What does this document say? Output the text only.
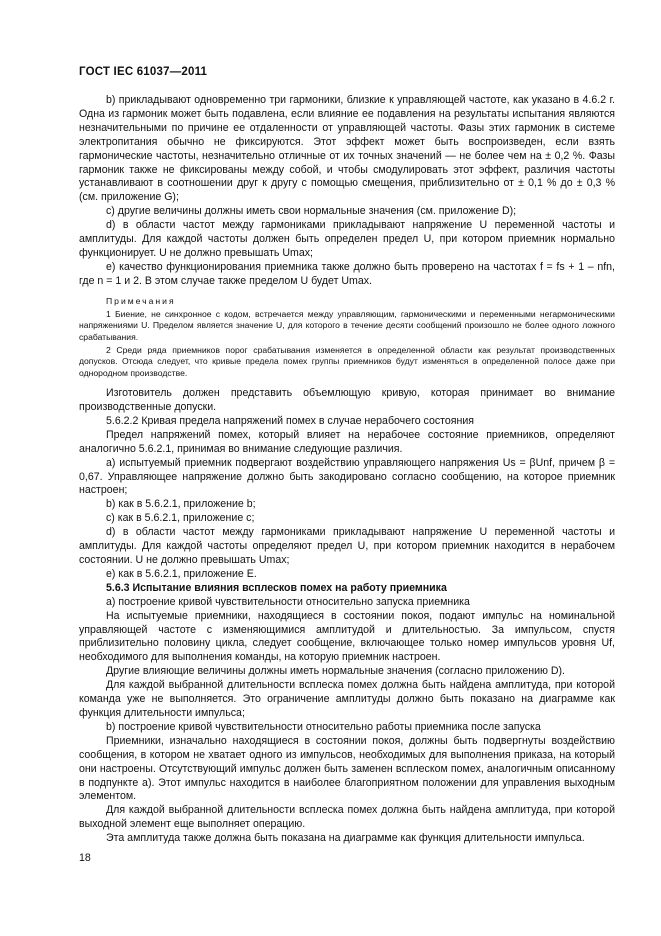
ГОСТ IEC 61037—2011

b) прикладывают одновременно три гармоники, близкие к управляющей частоте, как указано в 4.6.2 г. Одна из гармоник может быть подавлена, если влияние ее подавления на результаты испытания являются незначительными по причине ее отдаленности от управляющей частоты. Фазы этих гармоник в системе электропитания обычно не фиксируются. Этот эффект может быть воспроизведен, если взять гармонические частоты, незначительно отличные от их точных значений — не более чем на ± 0,2 %. Фазы гармоник также не фиксированы между собой, и чтобы смодулировать этот эффект, различия частоты устанавливают в соотношении друг к другу с помощью смещения, приблизительно от ± 0,1 % до ± 0,3 % (см. приложение G);

c) другие величины должны иметь свои нормальные значения (см. приложение D);

d) в области частот между гармониками прикладывают напряжение U переменной частоты и амплитуды. Для каждой частоты должен быть определен предел U, при котором приемник нормально функционирует. U не должно превышать Umax;

e) качество функционирования приемника также должно быть проверено на частотах f = fs + 1 – nfn, где n = 1 и 2. В этом случае также пределом U будет Umax.

Примечания

1 Биение, не синхронное с кодом, встречается между управляющим, гармоническими и переменными негармоническими напряжениями U. Пределом является значение U, для которого в течение десяти сообщений произошло не более одного ложного срабатывания.

2 Среди ряда приемников порог срабатывания изменяется в определенной области как результат производственных допусков. Отсюда следует, что кривые предела помех группы приемников будут изменяться в определенной полосе даже при однородном производстве.

Изготовитель должен представить объемлющую кривую, которая принимает во внимание производственные допуски.

5.6.2.2 Кривая предела напряжений помех в случае нерабочего состояния

Предел напряжений помех, который влияет на нерабочее состояние приемников, определяют аналогично 5.6.2.1, принимая во внимание следующие различия.

а) испытуемый приемник подвергают воздействию управляющего напряжения Us = βUnf, причем β = 0,67. Управляющее напряжение должно быть закодировано согласно сообщению, на которое приемник настроен;

b) как в 5.6.2.1, приложение b;

c) как в 5.6.2.1, приложение с;

d) в области частот между гармониками прикладывают напряжение U переменной частоты и амплитуды. Для каждой частоты определяют предел U, при котором приемник находится в нерабочем состоянии. U не должно превышать Umax;

e) как в 5.6.2.1, приложение Е.

5.6.3 Испытание влияния всплесков помех на работу приемника

а) построение кривой чувствительности относительно запуска приемника

На испытуемые приемники, находящиеся в состоянии покоя, подают импульс на номинальной управляющей частоте с изменяющимися амплитудой и длительностью. За импульсом, спустя приблизительно половину цикла, следует сообщение, включающее только номер импульсов уровня Uf, необходимого для выполнения команды, на которую приемник настроен.

Другие влияющие величины должны иметь нормальные значения (согласно приложению D).

Для каждой выбранной длительности всплеска помех должна быть найдена амплитуда, при которой команда уже не выполняется. Это ограничение амплитуды должно быть показано на диаграмме как функция длительности импульса;

b) построение кривой чувствительности относительно работы приемника после запуска

Приемники, изначально находящиеся в состоянии покоя, должны быть подвергнуты воздействию сообщения, в котором не хватает одного из импульсов, необходимых для выполнения приказа, на который они настроены. Отсутствующий импульс должен быть заменен всплеском помех, аналогичным описанному в подпункте а). Этот импульс находится в наиболее благоприятном положении для управления выходным элементом.

Для каждой выбранной длительности всплеска помех должна быть найдена амплитуда, при которой выходной элемент еще выполняет операцию.

Эта амплитуда также должна быть показана на диаграмме как функция длительности импульса.

18
